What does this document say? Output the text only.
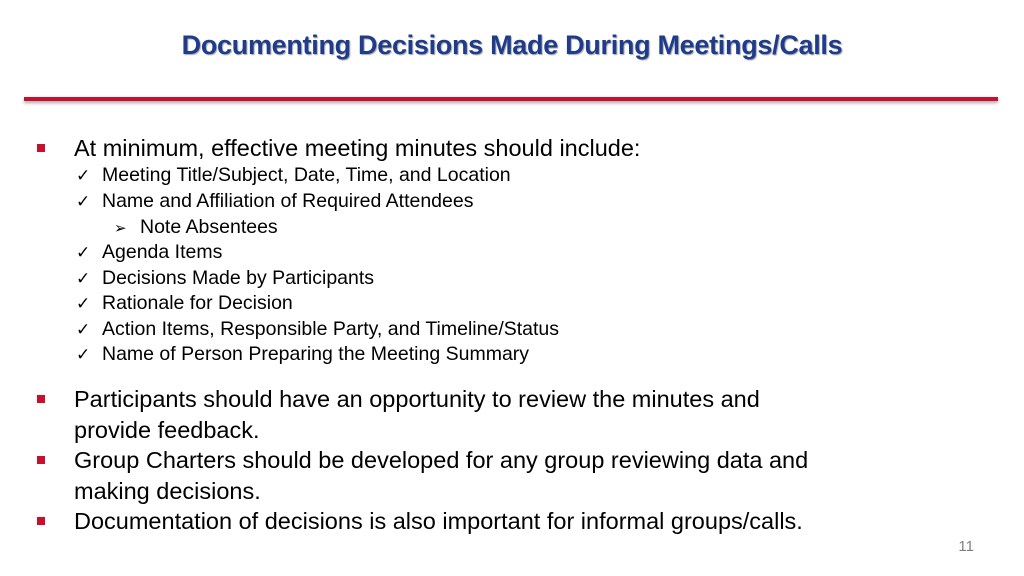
Documenting Decisions Made During Meetings/Calls
At minimum, effective meeting minutes should include:
✓ Meeting Title/Subject, Date, Time, and Location
✓ Name and Affiliation of Required Attendees
➢ Note Absentees
✓ Agenda Items
✓ Decisions Made by Participants
✓ Rationale for Decision
✓ Action Items, Responsible Party, and Timeline/Status
✓ Name of Person Preparing the Meeting Summary
Participants should have an opportunity to review the minutes and
provide feedback.
Group Charters should be developed for any group reviewing data and
making decisions.
Documentation of decisions is also important for informal groups/calls.
11
